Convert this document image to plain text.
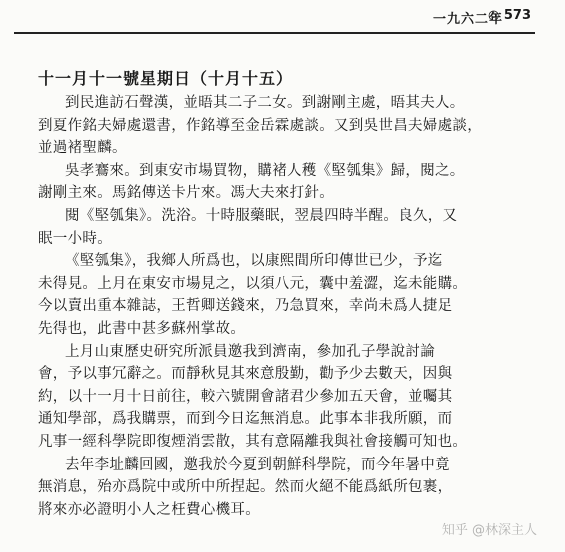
一九六二年
◎ 573
十一月十一號星期日（十月十五）
到民進訪石聲漢，並晤其二子二女。到謝剛主處，晤其夫人。
到夏作銘夫婦處還書，作銘導至金岳霖處談。又到吳世昌夫婦處談，
並過褚聖麟。
吳孝鶱來。到東安市場買物，購褚人穫《堅瓠集》歸，閱之。
謝剛主來。馬銘傳送卡片來。馮大夫來打針。
閱《堅瓠集》。洗浴。十時服藥眠，翌晨四時半醒。良久，又
眠一小時。
《堅瓠集》，我鄉人所爲也，以康熙間所印傳世已少，予迄
未得見。上月在東安市場見之，以須八元，囊中羞澀，迄未能購。
今以賣出重本雜誌，王哲卿送錢來，乃急買來，幸尚未爲人捷足
先得也，此書中甚多蘇州掌故。
上月山東歷史研究所派員邀我到濟南，參加孔子學說討論
會，予以事冗辭之。而靜秋見其來意殷勤，勸予少去數天，因與
約，以十一月十日前往，較六號開會諸君少參加五天會，並囑其
通知學部，爲我購票，而到今日迄無消息。此事本非我所願，而
凡事一經科學院即復煙消雲散，其有意隔離我與社會接觸可知也。
去年李址麟回國，邀我於今夏到朝鮮科學院，而今年暑中竟
無消息，殆亦爲院中或所中所捏起。然而火絕不能爲紙所包裹，
將來亦必證明小人之枉費心機耳。
知乎 @林深主人
